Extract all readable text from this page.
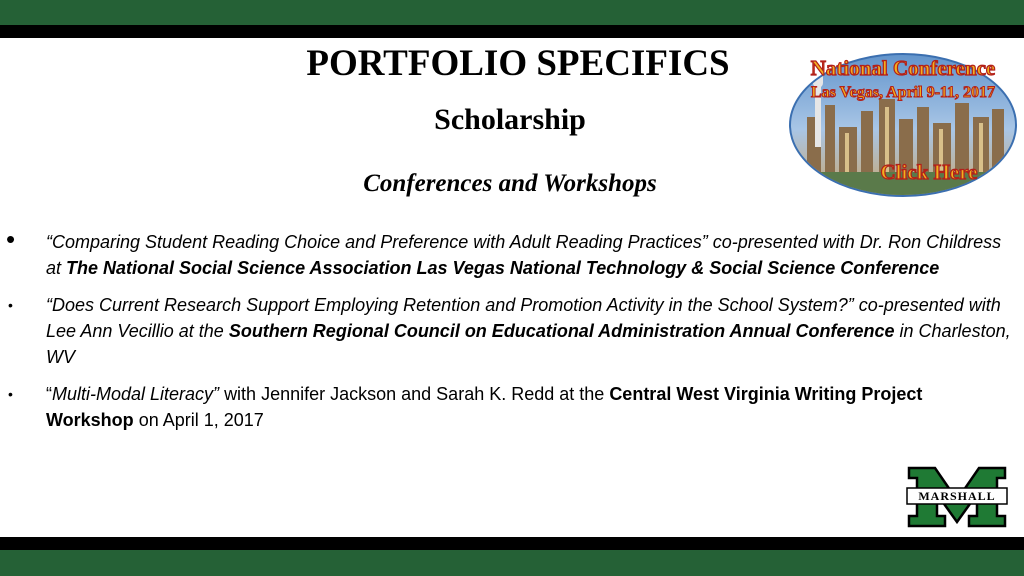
PORTFOLIO SPECIFICS
Scholarship
Conferences and Workshops
National Conference
Las Vegas, April 9-11, 2017
Click Here
• “Comparing Student Reading Choice and Preference with Adult Reading Practices” co-presented with Dr. Ron Childress at The National Social Science Association Las Vegas National Technology & Social Science Conference
• “Does Current Research Support Employing Retention and Promotion Activity in the School System?” co-presented with Lee Ann Vecillio at the Southern Regional Council on Educational Administration Annual Conference in Charleston, WV
• “Multi-Modal Literacy” with Jennifer Jackson and Sarah K. Redd at the Central West Virginia Writing Project Workshop on April 1, 2017
MARSHALL
